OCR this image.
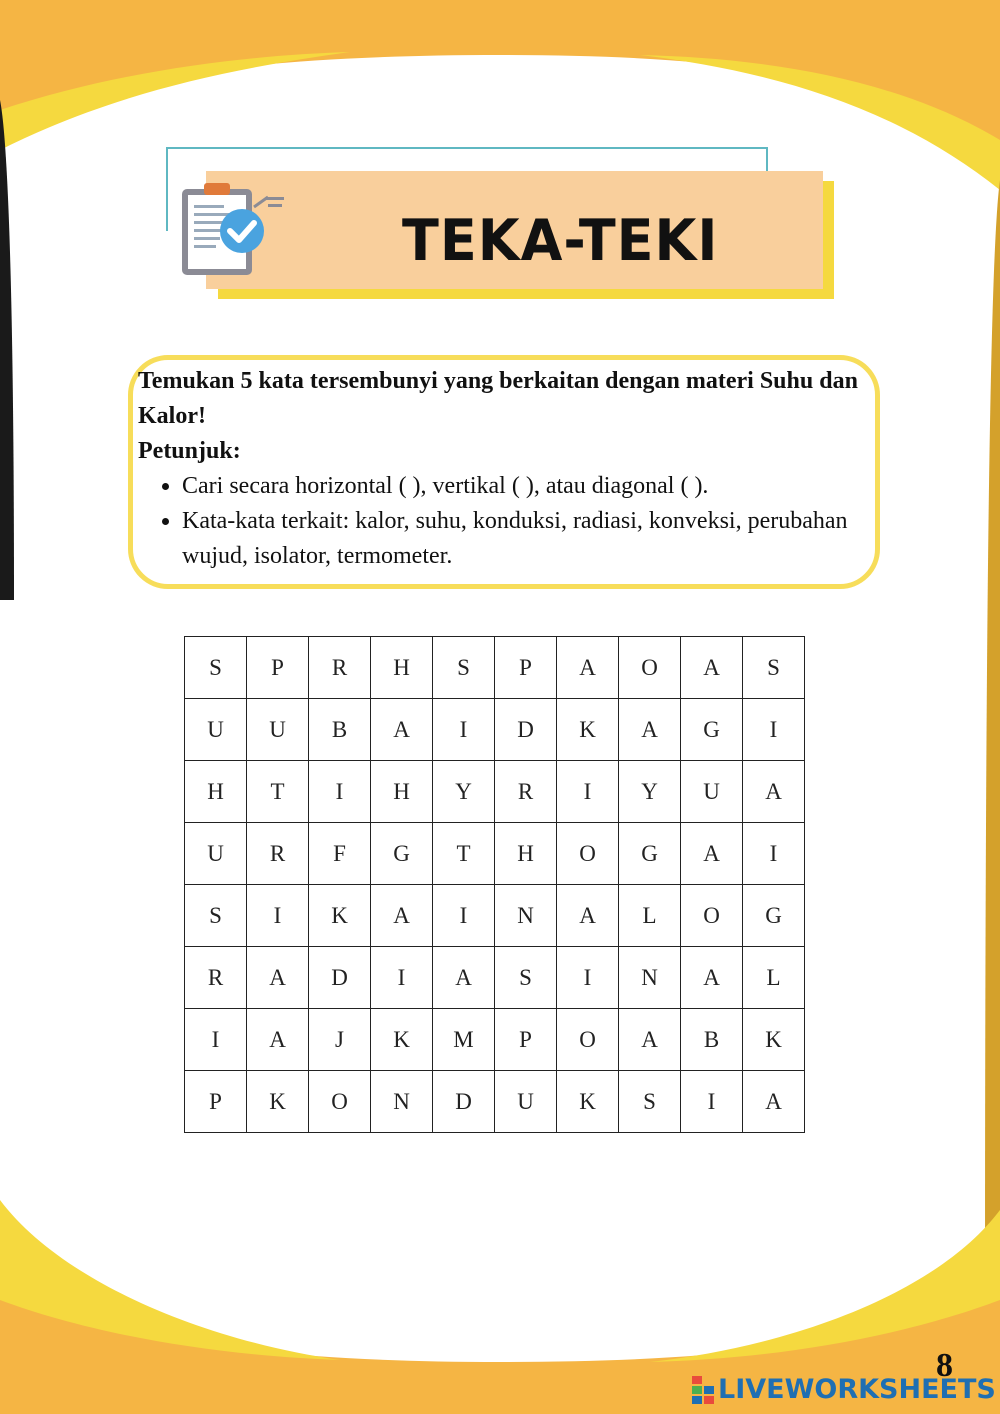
TEKA-TEKI
Temukan 5 kata tersembunyi yang berkaitan dengan materi Suhu dan Kalor!
Petunjuk:
• Cari secara horizontal ( ), vertikal ( ), atau diagonal ( ).
• Kata-kata terkait: kalor, suhu, konduksi, radiasi, konveksi, perubahan wujud, isolator, termometer.
S	P	R	H	S	P	A	O	A	S
U	U	B	A	I	D	K	A	G	I
H	T	I	H	Y	R	I	Y	U	A
U	R	F	G	T	H	O	G	A	I
S	I	K	A	I	N	A	L	O	G
R	A	D	I	A	S	I	N	A	L
I	A	J	K	M	P	O	A	B	K
P	K	O	N	D	U	K	S	I	A
8
LIVEWORKSHEETS
